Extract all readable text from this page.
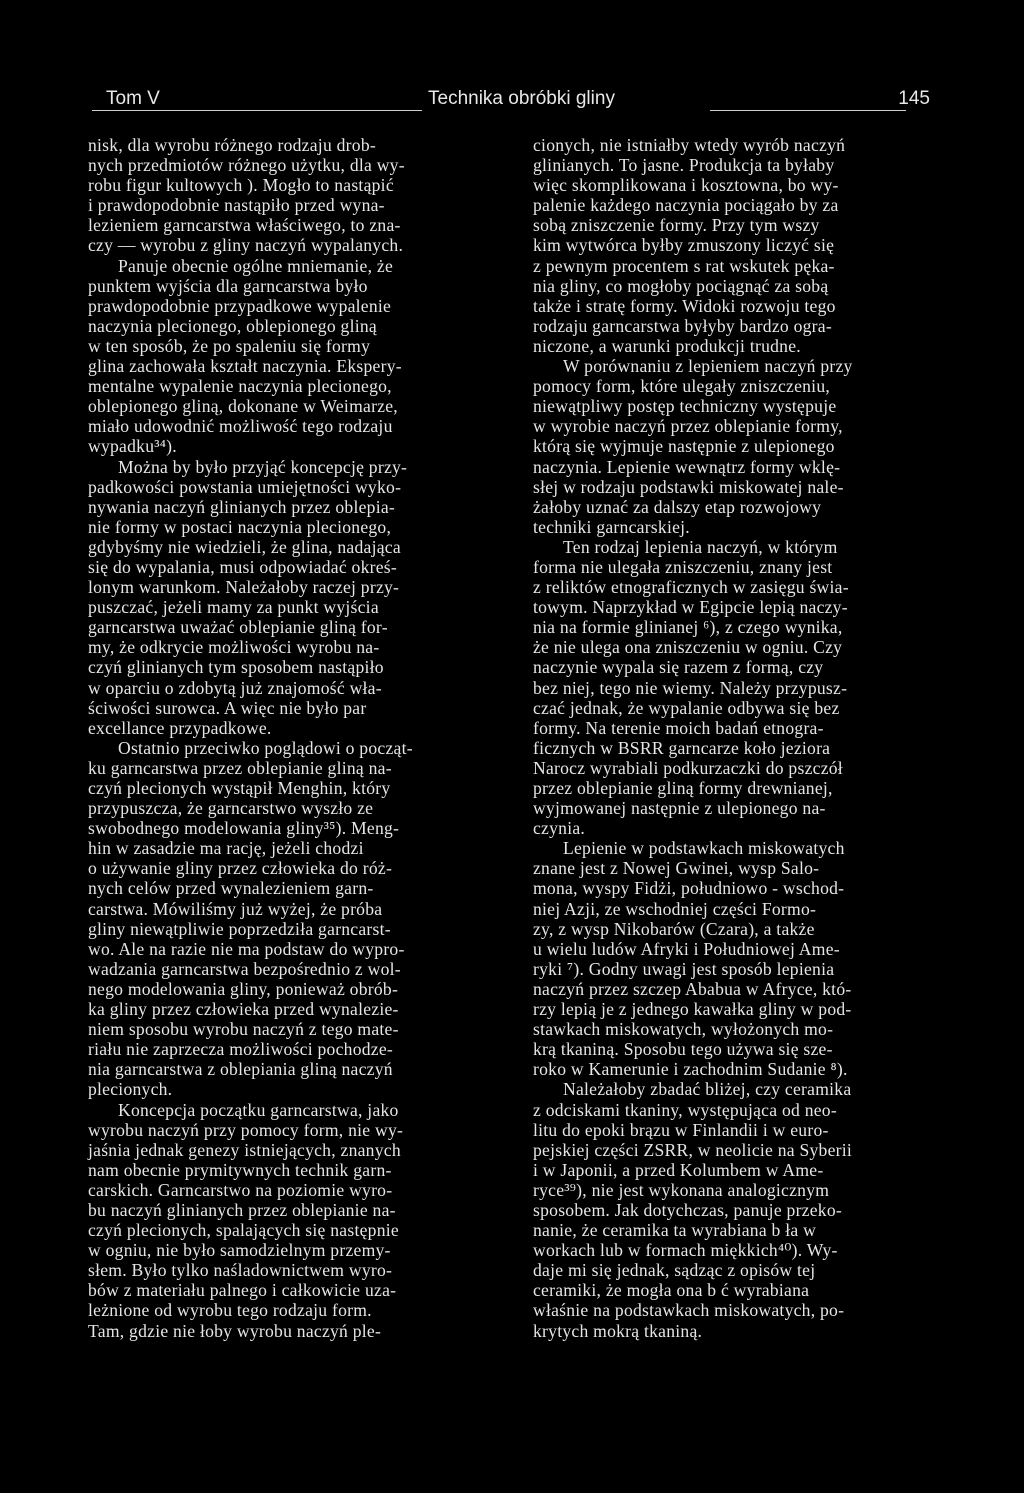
Tom V	Technika obróbki gliny	145

nisk, dla wyrobu różnego rodzaju drob-

nych przedmiotów różnego użytku, dla wy-

robu figur kultowych ). Mogło to nastąpić

i prawdopodobnie nastąpiło przed wyna-

lezieniem garncarstwa właściwego, to zna-

czy — wyrobu z gliny naczyń wypalanych.

Panuje obecnie ogólne mniemanie, że

punktem wyjścia dla garncarstwa było

prawdopodobnie przypadkowe wypalenie

naczynia plecionego, oblepionego gliną

w ten sposób, że po spaleniu się formy

glina zachowała kształt naczynia. Ekspery-

mentalne wypalenie naczynia plecionego,

oblepionego gliną, dokonane w Weimarze,

miało udowodnić możliwość tego rodzaju

wypadku³⁴).

Można by było przyjąć koncepcję przy-

padkowości powstania umiejętności wyko-

nywania naczyń glinianych przez oblepia-

nie formy w postaci naczynia plecionego,

gdybyśmy nie wiedzieli, że glina, nadająca

się do wypalania, musi odpowiadać okreś-

lonym warunkom. Należałoby raczej przy-

puszczać, jeżeli mamy za punkt wyjścia

garncarstwa uważać oblepianie gliną for-

my, że odkrycie możliwości wyrobu na-

czyń glinianych tym sposobem nastąpiło

w oparciu o zdobytą już znajomość wła-

ściwości surowca. A więc nie było par

excellance przypadkowe.

Ostatnio przeciwko poglądowi o począt-

ku garncarstwa przez oblepianie gliną na-

czyń plecionych wystąpił Menghin, który

przypuszcza, że garncarstwo wyszło ze

swobodnego modelowania gliny³⁵). Meng-

hin w zasadzie ma rację, jeżeli chodzi

o używanie gliny przez człowieka do róż-

nych celów przed wynalezieniem garn-

carstwa. Mówiliśmy już wyżej, że próba

gliny niewątpliwie poprzedziła garncarst-

wo. Ale na razie nie ma podstaw do wypro-

wadzania garncarstwa bezpośrednio z wol-

nego modelowania gliny, ponieważ obrób-

ka gliny przez człowieka przed wynalezie-

niem sposobu wyrobu naczyń z tego mate-

riału nie zaprzecza możliwości pochodze-

nia garncarstwa z oblepiania gliną naczyń

plecionych.

Koncepcja początku garncarstwa, jako

wyrobu naczyń przy pomocy form, nie wy-

jaśnia jednak genezy istniejących, znanych

nam obecnie prymitywnych technik garn-

carskich. Garncarstwo na poziomie wyro-

bu naczyń glinianych przez oblepianie na-

czyń plecionych, spalających się następnie

w ogniu, nie było samodzielnym przemy-

słem. Było tylko naśladownictwem wyro-

bów z materiału palnego i całkowicie uza-

leżnione od wyrobu tego rodzaju form.

Tam, gdzie nie łoby wyrobu naczyń ple-

cionych, nie istniałby wtedy wyrób naczyń

glinianych. To jasne. Produkcja ta byłaby

więc skomplikowana i kosztowna, bo wy-

palenie każdego naczynia pociągało by za

sobą zniszczenie formy. Przy tym wszy

kim wytwórca byłby zmuszony liczyć się

z pewnym procentem s rat wskutek pęka-

nia gliny, co mogłoby pociągnąć za sobą

także i stratę formy. Widoki rozwoju tego

rodzaju garncarstwa byłyby bardzo ogra-

niczone, a warunki produkcji trudne.

W porównaniu z lepieniem naczyń przy

pomocy form, które ulegały zniszczeniu,

niewątpliwy postęp techniczny występuje

w wyrobie naczyń przez oblepianie formy,

którą się wyjmuje następnie z ulepionego

naczynia. Lepienie wewnątrz formy wklę-

słej w rodzaju podstawki miskowatej nale-

żałoby uznać za dalszy etap rozwojowy

techniki garncarskiej.

Ten rodzaj lepienia naczyń, w którym

forma nie ulegała zniszczeniu, znany jest

z reliktów etnograficznych w zasięgu świa-

towym. Naprzykład w Egipcie lepią naczy-

nia na formie glinianej ⁶), z czego wynika,

że nie ulega ona zniszczeniu w ogniu. Czy

naczynie wypala się razem z formą, czy

bez niej, tego nie wiemy. Należy przypusz-

czać jednak, że wypalanie odbywa się bez

formy. Na terenie moich badań etnogra-

ficznych w BSRR garncarze koło jeziora

Narocz wyrabiali podkurzaczki do pszczół

przez oblepianie gliną formy drewnianej,

wyjmowanej następnie z ulepionego na-

czynia.

Lepienie w podstawkach miskowatych

znane jest z Nowej Gwinei, wysp Salo-

mona, wyspy Fidżi, południowo - wschod-

niej Azji, ze wschodniej części Formo-

zy, z wysp Nikobarów (Czara), a także

u wielu ludów Afryki i Południowej Ame-

ryki ⁷). Godny uwagi jest sposób lepienia

naczyń przez szczep Ababua w Afryce, któ-

rzy lepią je z jednego kawałka gliny w pod-

stawkach miskowatych, wyłożonych mo-

krą tkaniną. Sposobu tego używa się sze-

roko w Kamerunie i zachodnim Sudanie ⁸).

Należałoby zbadać bliżej, czy ceramika

z odciskami tkaniny, występująca od neo-

litu do epoki brązu w Finlandii i w euro-

pejskiej części ZSRR, w neolicie na Syberii

i w Japonii, a przed Kolumbem w Ame-

ryce³⁹), nie jest wykonana analogicznym

sposobem. Jak dotychczas, panuje przeko-

nanie, że ceramika ta wyrabiana b ła w

workach lub w formach miękkich⁴⁰). Wy-

daje mi się jednak, sądząc z opisów tej

ceramiki, że mogła ona b ć wyrabiana

właśnie na podstawkach miskowatych, po-

krytych mokrą tkaniną.
